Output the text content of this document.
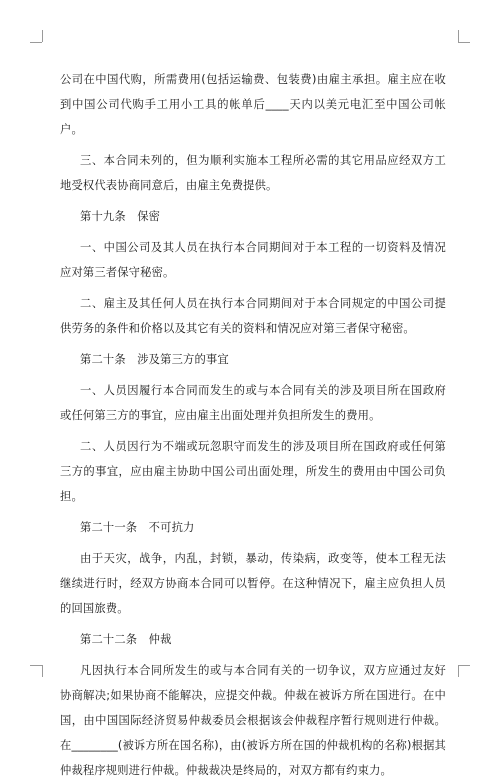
公司在中国代购，所需费用(包括运输费、包装费)由雇主承担。雇主应在收到中国公司代购手工用小工具的帐单后____天内以美元电汇至中国公司帐户。

三、本合同未列的，但为顺利实施本工程所必需的其它用品应经双方工地受权代表协商同意后，由雇主免费提供。

第十九条　保密

一、中国公司及其人员在执行本合同期间对于本工程的一切资料及情况应对第三者保守秘密。

二、雇主及其任何人员在执行本合同期间对于本合同规定的中国公司提供劳务的条件和价格以及其它有关的资料和情况应对第三者保守秘密。

第二十条　涉及第三方的事宜

一、人员因履行本合同而发生的或与本合同有关的涉及项目所在国政府或任何第三方的事宜，应由雇主出面处理并负担所发生的费用。

二、人员因行为不端或玩忽职守而发生的涉及项目所在国政府或任何第三方的事宜，应由雇主协助中国公司出面处理，所发生的费用由中国公司负担。

第二十一条　不可抗力

由于天灾，战争，内乱，封锁，暴动，传染病，政变等，使本工程无法继续进行时，经双方协商本合同可以暂停。在这种情况下，雇主应负担人员的回国旅费。

第二十二条　仲裁

凡因执行本合同所发生的或与本合同有关的一切争议，双方应通过友好协商解决;如果协商不能解决，应提交仲裁。仲裁在被诉方所在国进行。在中国，由中国国际经济贸易仲裁委员会根据该会仲裁程序暂行规则进行仲裁。在________(被诉方所在国名称)，由(被诉方所在国的仲裁机构的名称)根据其仲裁程序规则进行仲裁。仲裁裁决是终局的，对双方都有约束力。
